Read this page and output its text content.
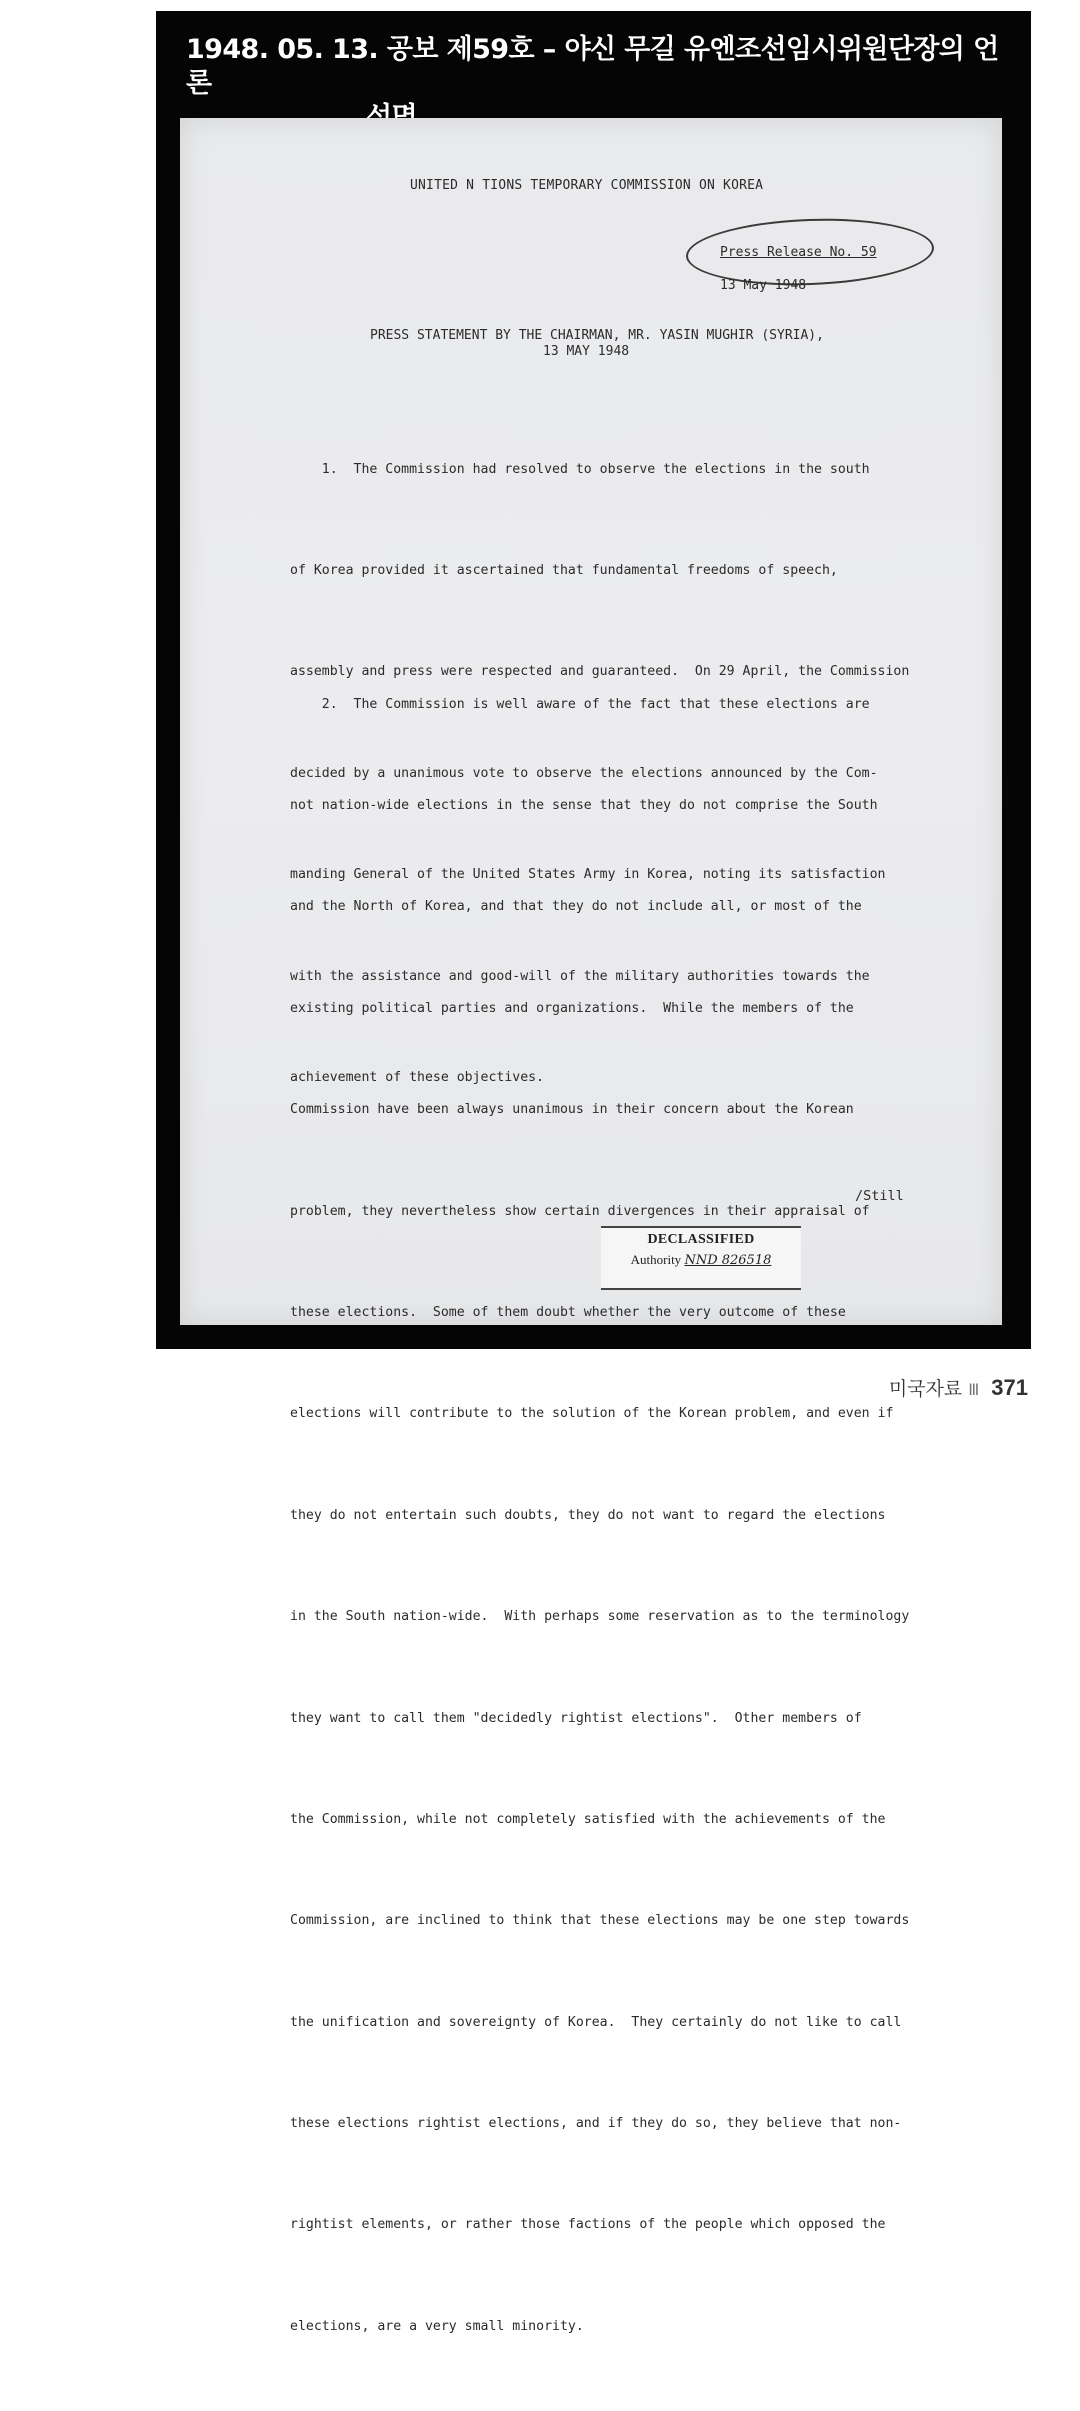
1948. 05. 13. 공보 제59호 – 야신 무길 유엔조선임시위원단장의 언론
UNITED N TIONS TEMPORARY COMMISSION ON KOREA
Press Release No. 59
13 May 1948
PRESS STATEMENT BY THE CHAIRMAN, MR. YASIN MUGHIR (SYRIA),
13 MAY 1948

1.  The Commission had resolved to observe the elections in the south

of Korea provided it ascertained that fundamental freedoms of speech,

assembly and press were respected and guaranteed.  On 29 April, the Commission

decided by a unanimous vote to observe the elections announced by the Com-

manding General of the United States Army in Korea, noting its satisfaction

with the assistance and good-will of the military authorities towards the

achievement of these objectives.

2.  The Commission is well aware of the fact that these elections are

not nation-wide elections in the sense that they do not comprise the South

and the North of Korea, and that they do not include all, or most of the

existing political parties and organizations.  While the members of the

Commission have been always unanimous in their concern about the Korean

problem, they nevertheless show certain divergences in their appraisal of

these elections.  Some of them doubt whether the very outcome of these

elections will contribute to the solution of the Korean problem, and even if

they do not entertain such doubts, they do not want to regard the elections

in the South nation-wide.  With perhaps some reservation as to the terminology

they want to call them "decidedly rightist elections".  Other members of

the Commission, while not completely satisfied with the achievements of the

Commission, are inclined to think that these elections may be one step towards

the unification and sovereignty of Korea.  They certainly do not like to call

these elections rightist elections, and if they do so, they believe that non-

rightist elements, or rather those factions of the people which opposed the

elections, are a very small minority.

/Still
DECLASSIFIED
Authority NND 826518
미국자료 Ⅲ 371
